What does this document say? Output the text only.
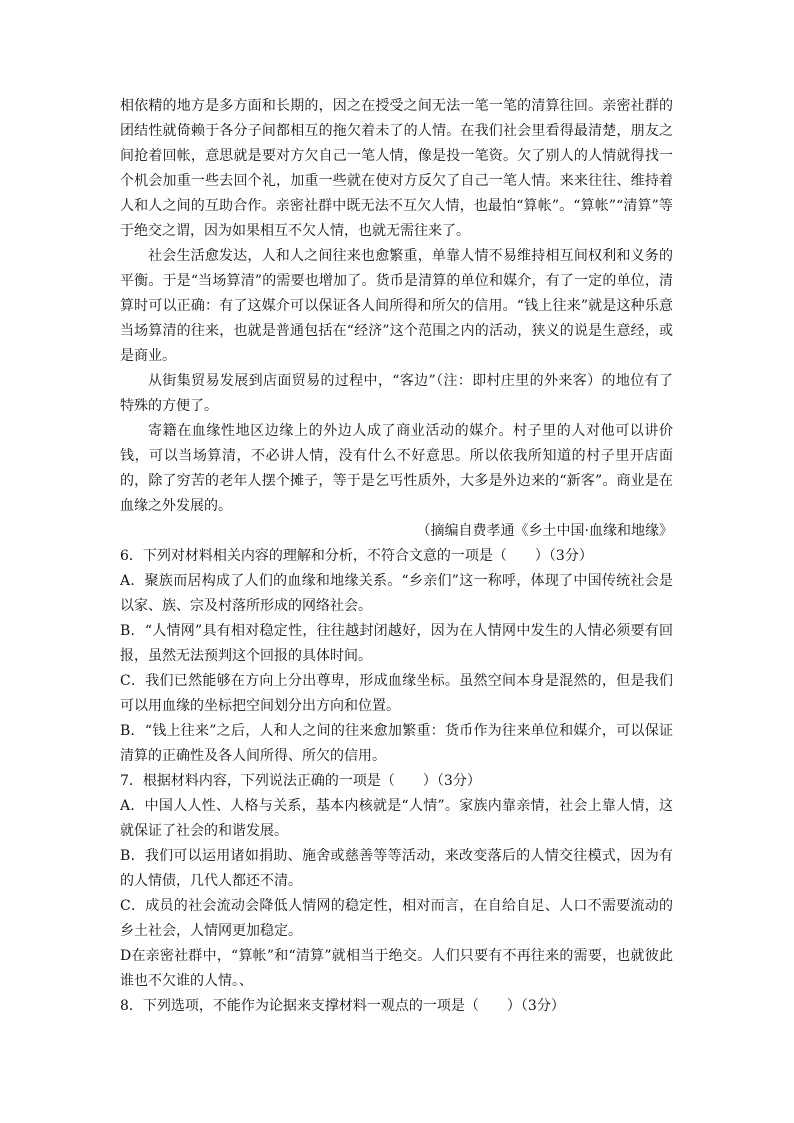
相依精的地方是多方面和长期的，因之在授受之间无法一笔一笔的清算往回。亲密社群的团结性就倚赖于各分子间都相互的拖欠着未了的人情。在我们社会里看得最清楚，朋友之间抢着回帐，意思就是要对方欠自己一笔人情，像是投一笔资。欠了别人的人情就得找一个机会加重一些去回个礼，加重一些就在使对方反欠了自己一笔人情。来来往往、维持着人和人之间的互助合作。亲密社群中既无法不互欠人情，也最怕“算帐”。“算帐”“清算”等于绝交之谓，因为如果相互不欠人情，也就无需往来了。

社会生活愈发达，人和人之间往来也愈繁重，单靠人情不易维持相互间权利和义务的平衡。于是“当场算清”的需要也增加了。货币是清算的单位和媒介，有了一定的单位，清算时可以正确：有了这媒介可以保证各人间所得和所欠的信用。“钱上往来”就是这种乐意当场算清的往来，也就是普通包括在“经济”这个范围之内的活动，狭义的说是生意经，或是商业。

从街集贸易发展到店面贸易的过程中，“客边”（注：即村庄里的外来客）的地位有了特殊的方便了。

寄籍在血缘性地区边缘上的外边人成了商业活动的媒介。村子里的人对他可以讲价钱，可以当场算清，不必讲人情，没有什么不好意思。所以依我所知道的村子里开店面的，除了穷苦的老年人摆个摊子，等于是乞丐性质外，大多是外边来的“新客”。商业是在血缘之外发展的。

（摘编自费孝通《乡土中国·血缘和地缘》

6．下列对材料相关内容的理解和分析，不符合文意的一项是（　　）（3分）

A．聚族而居构成了人们的血缘和地缘关系。“乡亲们”这一称呼，体现了中国传统社会是以家、族、宗及村落所形成的网络社会。

B．“人情网”具有相对稳定性，往往越封闭越好，因为在人情网中发生的人情必须要有回报，虽然无法预判这个回报的具体时间。

C．我们已然能够在方向上分出尊卑，形成血缘坐标。虽然空间本身是混然的，但是我们可以用血缘的坐标把空间划分出方向和位置。

B．“钱上往来”之后，人和人之间的往来愈加繁重：货币作为往来单位和媒介，可以保证清算的正确性及各人间所得、所欠的信用。

7．根据材料内容，下列说法正确的一项是（　　）（3分）

A．中国人人性、人格与关系，基本内核就是“人情”。家族内靠亲情，社会上靠人情，这就保证了社会的和谐发展。

B．我们可以运用诸如捐助、施舍或慈善等等活动，来改变落后的人情交往模式，因为有的人情债，几代人都还不清。

C．成员的社会流动会降低人情网的稳定性，相对而言，在自给自足、人口不需要流动的乡土社会，人情网更加稳定。

D在亲密社群中，“算帐”和“清算”就相当于绝交。人们只要有不再往来的需要，也就彼此谁也不欠谁的人情。、

8．下列选项，不能作为论据来支撑材料一观点的一项是（　　）（3分）
